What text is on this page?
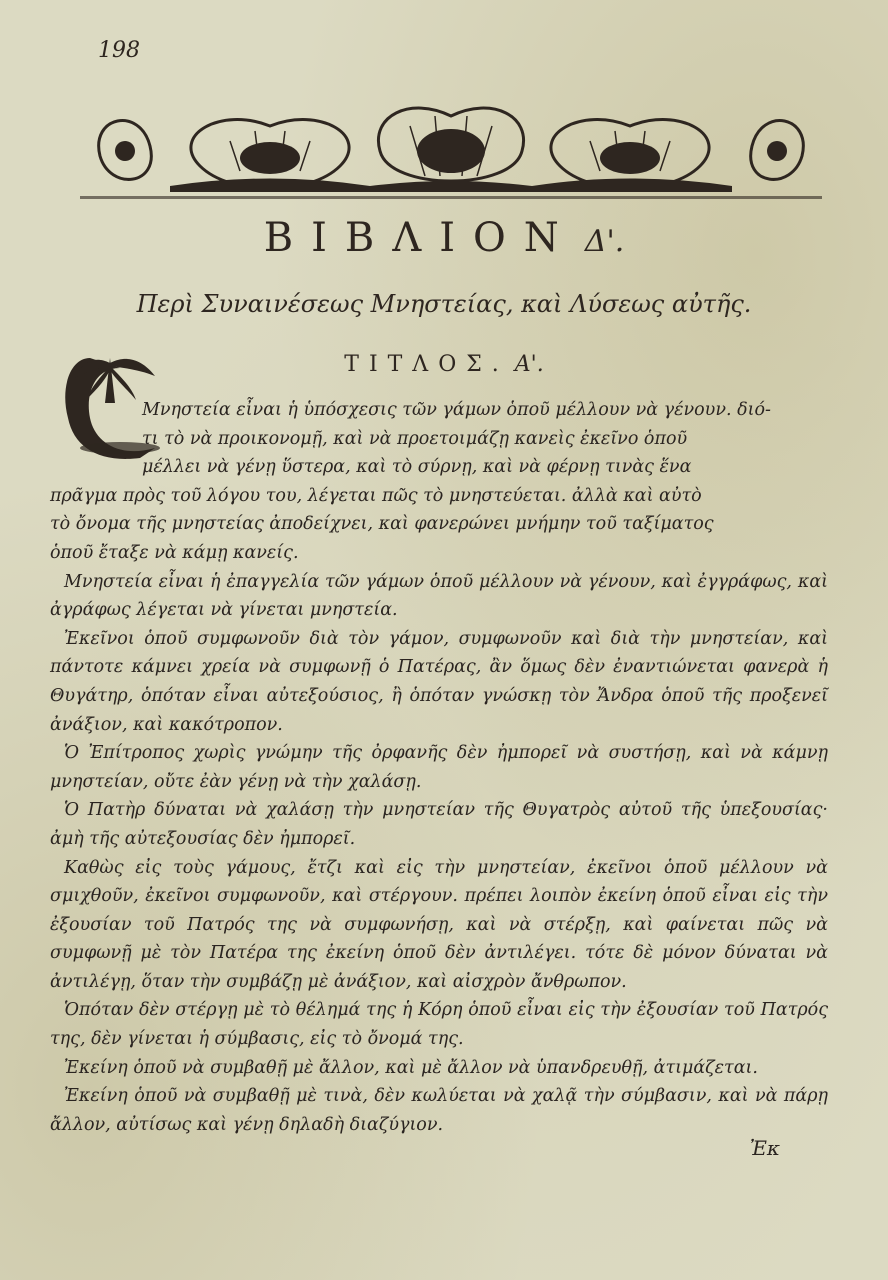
198
ΒΙΒΛΙΟΝ Δ'.
Περὶ Συναινέσεως Μνηστείας, καὶ Λύσεως αὐτῆς.
ΤΙΤΛΟΣ. Α'.

Μνηστεία εἶναι ἡ ὑπόσχεσις τῶν γάμων ὁποῦ μέλλουν νὰ γένουν. διό-
τι τὸ νὰ προικονομῇ, καὶ νὰ προετοιμάζῃ κανεὶς ἐκεῖνο ὁποῦ
μέλλει νὰ γένῃ ὕστερα, καὶ τὸ σύρνῃ, καὶ νὰ φέρνῃ τινὰς ἕνα
πρᾶγμα πρὸς τοῦ λόγου του, λέγεται πῶς τὸ μνηστεύεται. ἀλλὰ καὶ αὐτὸ
τὸ ὄνομα τῆς μνηστείας ἀποδείχνει, καὶ φανερώνει μνήμην τοῦ ταξίματος
ὁποῦ ἔταξε νὰ κάμῃ κανείς.

Μνηστεία εἶναι ἡ ἐπαγγελία τῶν γάμων ὁποῦ μέλλουν νὰ γένουν, καὶ ἐγγράφως, καὶ ἀγράφως λέγεται νὰ γίνεται μνηστεία.

Ἐκεῖνοι ὁποῦ συμφωνοῦν διὰ τὸν γάμον, συμφωνοῦν καὶ διὰ τὴν μνηστείαν, καὶ πάντοτε κάμνει χρεία νὰ συμφωνῇ ὁ Πατέρας, ἂν ὅμως δὲν ἐναντιώνεται φανερὰ ἡ Θυγάτηρ, ὁπόταν εἶναι αὐτεξούσιος, ἢ ὁπόταν γνώσκῃ τὸν Ἄνδρα ὁποῦ τῆς προξενεῖ ἀνάξιον, καὶ κακότροπον.

Ὁ Ἐπίτροπος χωρὶς γνώμην τῆς ὀρφανῆς δὲν ἠμπορεῖ νὰ συστήσῃ, καὶ νὰ κάμνῃ μνηστείαν, οὔτε ἐὰν γένῃ νὰ τὴν χαλάσῃ.

Ὁ Πατὴρ δύναται νὰ χαλάσῃ τὴν μνηστείαν τῆς Θυγατρὸς αὐτοῦ τῆς ὑπεξουσίας· ἀμὴ τῆς αὐτεξουσίας δὲν ἠμπορεῖ.

Καθὼς εἰς τοὺς γάμους, ἔτζι καὶ εἰς τὴν μνηστείαν, ἐκεῖνοι ὁποῦ μέλλουν νὰ σμιχθοῦν, ἐκεῖνοι συμφωνοῦν, καὶ στέργουν. πρέπει λοιπὸν ἐκείνη ὁποῦ εἶναι εἰς τὴν ἐξουσίαν τοῦ Πατρός της νὰ συμφωνήσῃ, καὶ νὰ στέρξῃ, καὶ φαίνεται πῶς νὰ συμφωνῇ μὲ τὸν Πατέρα της ἐκείνη ὁποῦ δὲν ἀντιλέγει. τότε δὲ μόνον δύναται νὰ ἀντιλέγῃ, ὅταν τὴν συμβάζῃ μὲ ἀνάξιον, καὶ αἰσχρὸν ἄνθρωπον.

Ὁπόταν δὲν στέργῃ μὲ τὸ θέλημά της ἡ Κόρη ὁποῦ εἶναι εἰς τὴν ἐξουσίαν τοῦ Πατρός της, δὲν γίνεται ἡ σύμβασις, εἰς τὸ ὄνομά της.

Ἐκείνη ὁποῦ νὰ συμβαθῇ μὲ ἄλλον, καὶ μὲ ἄλλον νὰ ὑπανδρευθῇ, ἀτιμάζεται.

Ἐκείνη ὁποῦ νὰ συμβαθῇ μὲ τινὰ, δὲν κωλύεται νὰ χαλᾷ τὴν σύμβασιν, καὶ νὰ πάρῃ ἄλλον, αὐτίσως καὶ γένῃ δηλαδὴ διαζύγιον.

Ἐκ
